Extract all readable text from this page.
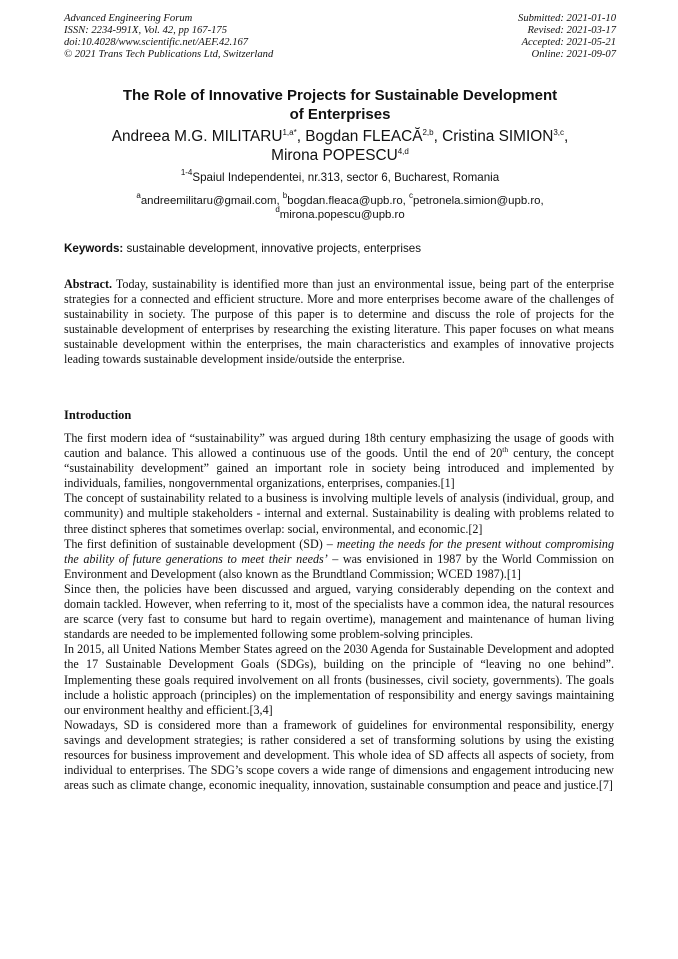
Advanced Engineering Forum
ISSN: 2234-991X, Vol. 42, pp 167-175
doi:10.4028/www.scientific.net/AEF.42.167
© 2021 Trans Tech Publications Ltd, Switzerland
Submitted: 2021-01-10
Revised: 2021-03-17
Accepted: 2021-05-21
Online: 2021-09-07
The Role of Innovative Projects for Sustainable Development
of Enterprises
Andreea M.G. $MILITARU^{1,a*}$, Bogdan FLEACĂ$^{2,b}$, Cristina SIMION$^{3,c}$,
Mirona POPESCU$^{4,d}$
$^{1-4}$Spaiul Independentei, nr.313, sector 6, Bucharest, Romania
$^a$andreemilitaru@gmail.com, $^b$bogdan.fleaca@upb.ro, $^c$petronela.simion@upb.ro,
$^d$mirona.popescu@upb.ro
Keywords: sustainable development, innovative projects, enterprises

Abstract. Today, sustainability is identified more than just an environmental issue, being part of the enterprise strategies for a connected and efficient structure. More and more enterprises become aware of the challenges of sustainability in society. The purpose of this paper is to determine and discuss the role of projects for the sustainable development of enterprises by researching the existing literature. This paper focuses on what means sustainable development within the enterprises, the main characteristics and examples of innovative projects leading towards sustainable development inside/outside the enterprise.

Introduction

The first modern idea of “sustainability” was argued during 18th century emphasizing the usage of goods with caution and balance. This allowed a continuous use of the goods. Until the end of 20th century, the concept “sustainability development” gained an important role in society being introduced and implemented by individuals, families, nongovernmental organizations, enterprises, companies.[1]

The concept of sustainability related to a business is involving multiple levels of analysis (individual, group, and community) and multiple stakeholders - internal and external. Sustainability is dealing with problems related to three distinct spheres that sometimes overlap: social, environmental, and economic.[2]

The first definition of sustainable development (SD) – meeting the needs for the present without compromising the ability of future generations to meet their needs’ – was envisioned in 1987 by the World Commission on Environment and Development (also known as the Brundtland Commission; WCED 1987).[1]

Since then, the policies have been discussed and argued, varying considerably depending on the context and domain tackled. However, when referring to it, most of the specialists have a common idea, the natural resources are scarce (very fast to consume but hard to regain overtime), management and maintenance of human living standards are needed to be implemented following some problem-solving principles.

In 2015, all United Nations Member States agreed on the 2030 Agenda for Sustainable Development and adopted the 17 Sustainable Development Goals (SDGs), building on the principle of “leaving no one behind”. Implementing these goals required involvement on all fronts (businesses, civil society, governments). The goals include a holistic approach (principles) on the implementation of responsibility and energy savings maintaining our environment healthy and efficient.[3,4]

Nowadays, SD is considered more than a framework of guidelines for environmental responsibility, energy savings and development strategies; is rather considered a set of transforming solutions by using the existing resources for business improvement and development. This whole idea of SD affects all aspects of society, from individual to enterprises. The SDG’s scope covers a wide range of dimensions and engagement introducing new areas such as climate change, economic inequality, innovation, sustainable consumption and peace and justice.[7]
